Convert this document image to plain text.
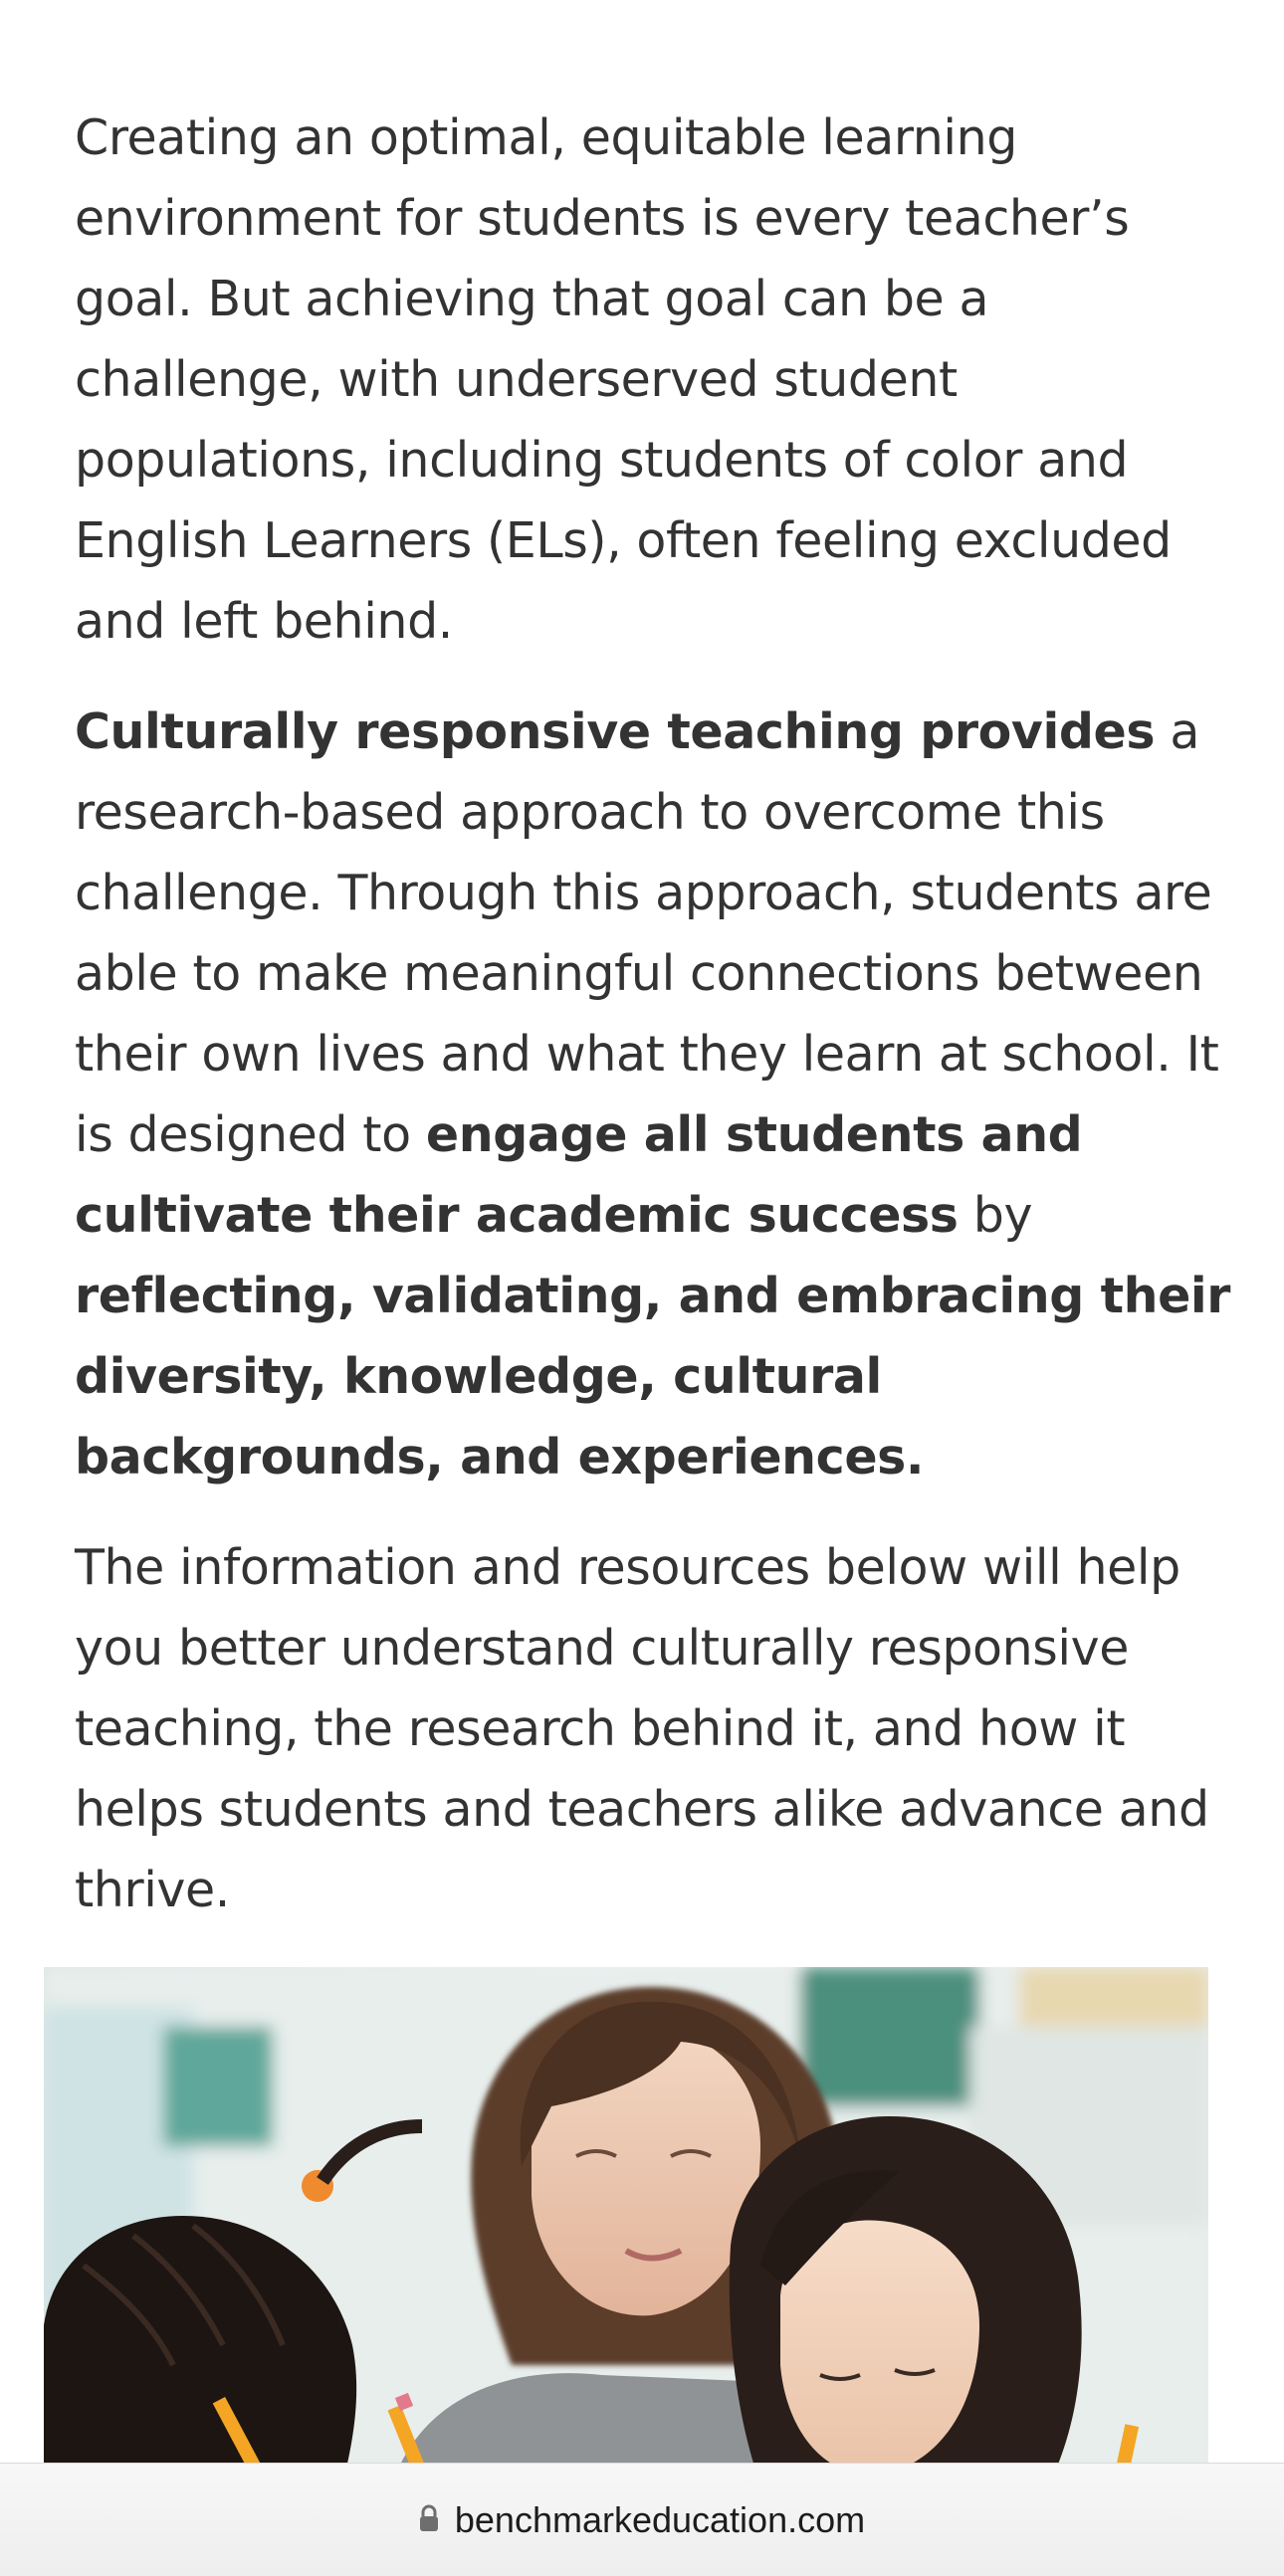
Creating an optimal, equitable learning environment for students is every teacher’s goal. But achieving that goal can be a challenge, with underserved student populations, including students of color and English Learners (ELs), often feeling excluded and left behind.

Culturally responsive teaching provides a research-based approach to overcome this challenge. Through this approach, students are able to make meaningful connections between their own lives and what they learn at school. It is designed to engage all students and cultivate their academic success by reflecting, validating, and embracing their diversity, knowledge, cultural backgrounds, and experiences.

The information and resources below will help you better understand culturally responsive teaching, the research behind it, and how it helps students and teachers alike advance and thrive.

benchmarkeducation.com
